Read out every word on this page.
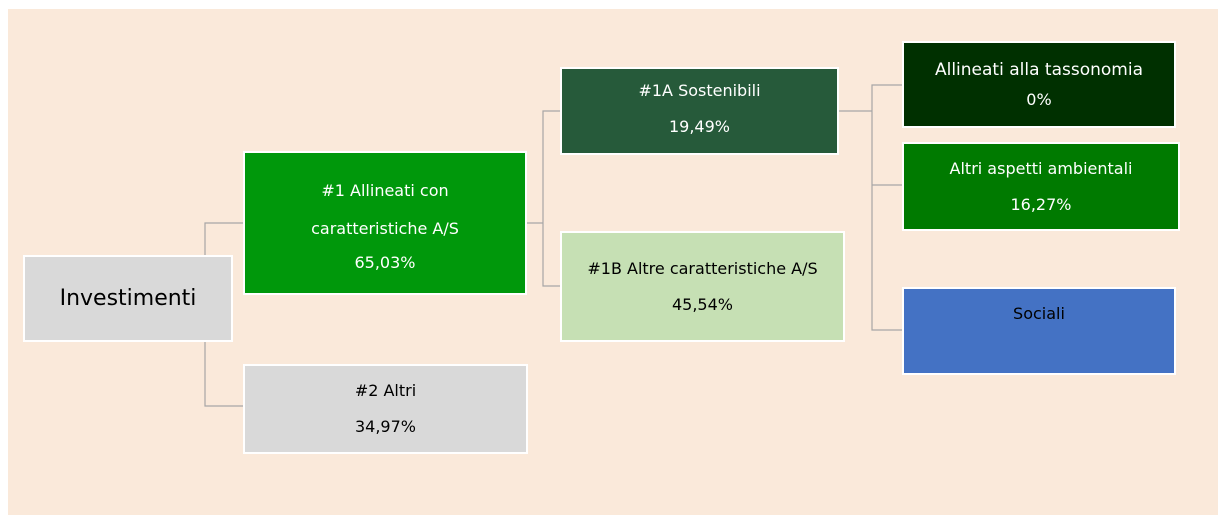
Investimenti
#1 Allineati con caratteristiche A/S
65,03%
#2 Altri
34,97%
#1A Sostenibili
19,49%
#1B Altre caratteristiche A/S
45,54%
Allineati alla tassonomia
0%
Altri aspetti ambientali
16,27%
Sociali
